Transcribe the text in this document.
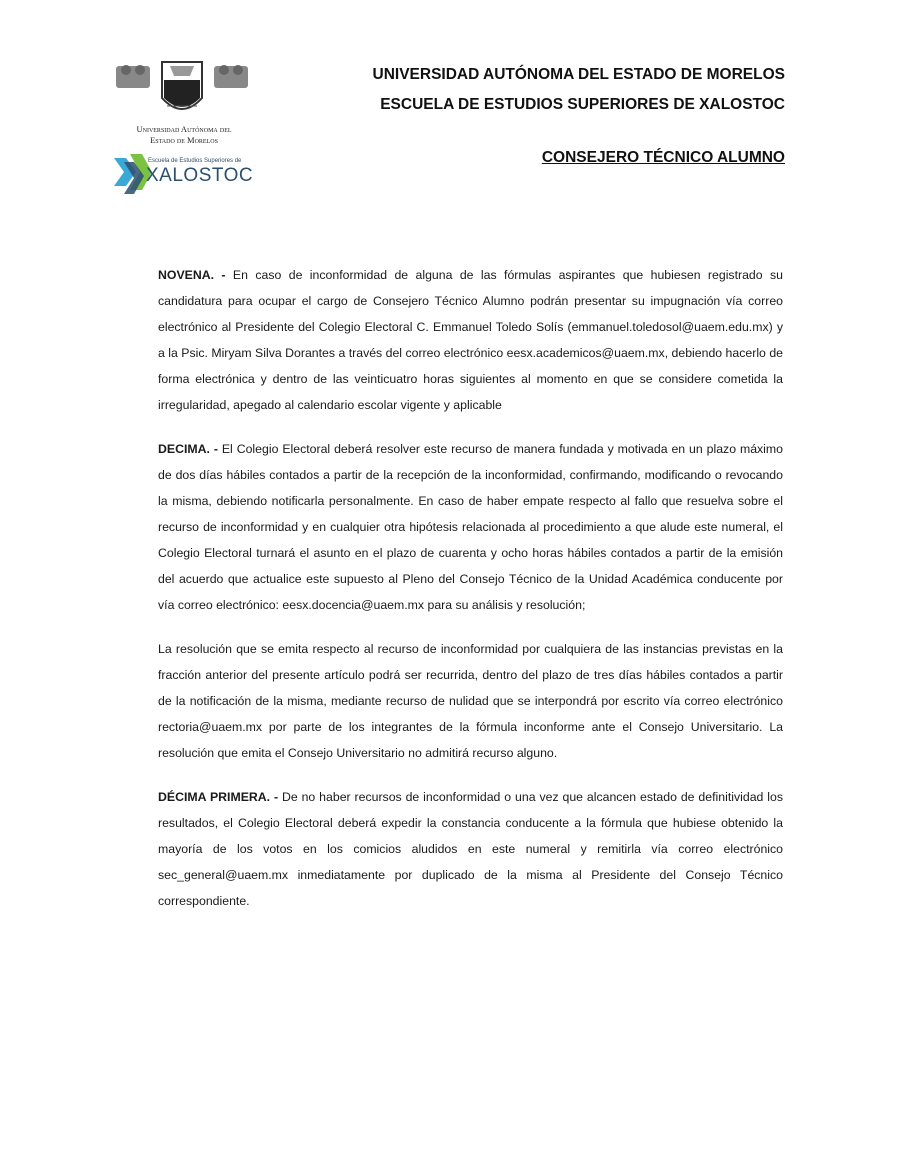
Universidad Autónoma del
Estado de Morelos
Escuela de Estudios Superiores de
XALOSTOC
UNIVERSIDAD AUTÓNOMA DEL ESTADO DE MORELOS
ESCUELA DE ESTUDIOS SUPERIORES DE XALOSTOC
CONSEJERO TÉCNICO ALUMNO

NOVENA. - En caso de inconformidad de alguna de las fórmulas aspirantes que hubiesen registrado su candidatura para ocupar el cargo de Consejero Técnico Alumno podrán presentar su impugnación vía correo electrónico al Presidente del Colegio Electoral C. Emmanuel Toledo Solís (emmanuel.toledosol@uaem.edu.mx) y a la Psic. Miryam Silva Dorantes a través del correo electrónico eesx.academicos@uaem.mx, debiendo hacerlo de forma electrónica y dentro de las veinticuatro horas siguientes al momento en que se considere cometida la irregularidad, apegado al calendario escolar vigente y aplicable

DECIMA. - El Colegio Electoral deberá resolver este recurso de manera fundada y motivada en un plazo máximo de dos días hábiles contados a partir de la recepción de la inconformidad, confirmando, modificando o revocando la misma, debiendo notificarla personalmente. En caso de haber empate respecto al fallo que resuelva sobre el recurso de inconformidad y en cualquier otra hipótesis relacionada al procedimiento a que alude este numeral, el Colegio Electoral turnará el asunto en el plazo de cuarenta y ocho horas hábiles contados a partir de la emisión del acuerdo que actualice este supuesto al Pleno del Consejo Técnico de la Unidad Académica conducente por vía correo electrónico: eesx.docencia@uaem.mx para su análisis y resolución;

La resolución que se emita respecto al recurso de inconformidad por cualquiera de las instancias previstas en la fracción anterior del presente artículo podrá ser recurrida, dentro del plazo de tres días hábiles contados a partir de la notificación de la misma, mediante recurso de nulidad que se interpondrá por escrito vía correo electrónico rectoria@uaem.mx por parte de los integrantes de la fórmula inconforme ante el Consejo Universitario. La resolución que emita el Consejo Universitario no admitirá recurso alguno.

DÉCIMA PRIMERA. - De no haber recursos de inconformidad o una vez que alcancen estado de definitividad los resultados, el Colegio Electoral deberá expedir la constancia conducente a la fórmula que hubiese obtenido la mayoría de los votos en los comicios aludidos en este numeral y remitirla vía correo electrónico sec_general@uaem.mx inmediatamente por duplicado de la misma al Presidente del Consejo Técnico correspondiente.
